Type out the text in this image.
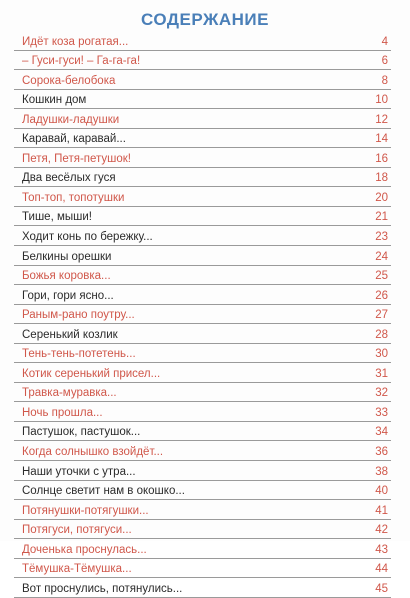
СОДЕРЖАНИЕ
Идёт коза рогатая...	4
– Гуси-гуси! – Га-га-га!	6
Сорока-белобока	8
Кошкин дом	10
Ладушки-ладушки	12
Каравай, каравай...	14
Петя, Петя-петушок!	16
Два весёлых гуся	18
Топ-топ, топотушки	20
Тише, мыши!	21
Ходит конь по бережку...	23
Белкины орешки	24
Божья коровка...	25
Гори, гори ясно...	26
Раным-рано поутру...	27
Серенький козлик	28
Тень-тень-потетень...	30
Котик серенький присел...	31
Травка-муравка...	32
Ночь прошла...	33
Пастушок, пастушок...	34
Когда солнышко взойдёт...	36
Наши уточки с утра...	38
Солнце светит нам в окошко...	40
Потянушки-потягушки...	41
Потягуси, потягуси...	42
Доченька проснулась...	43
Тёмушка-Тёмушка...	44
Вот проснулись, потянулись...	45
